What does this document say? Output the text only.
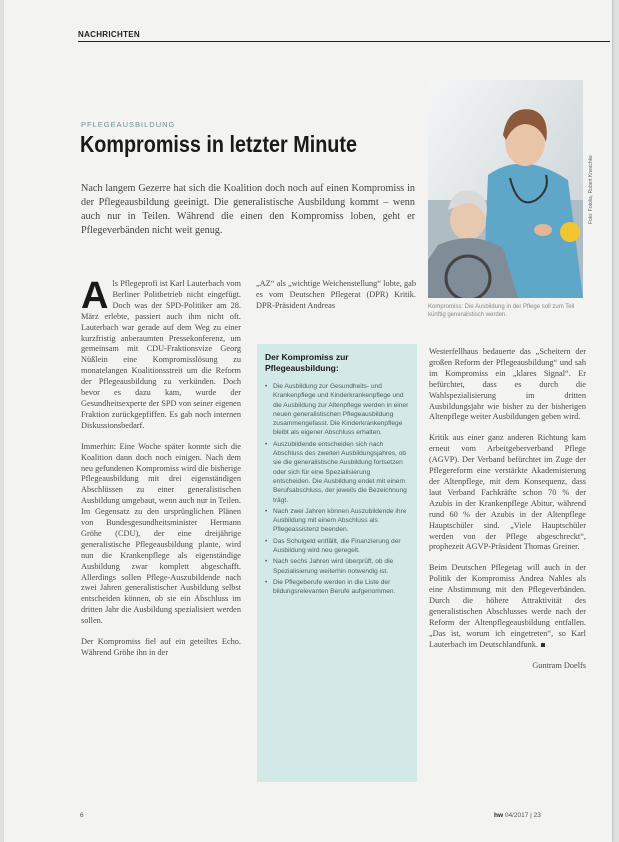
NACHRICHTEN
PFLEGEAUSBILDUNG
Kompromiss in letzter Minute
Nach langem Gezerre hat sich die Koalition doch noch auf einen Kompromiss in der Pflegeausbildung geeinigt. Die generalistische Ausbildung kommt – wenn auch nur in Teilen. Während die einen den Kompromiss loben, geht er Pflegeverbänden nicht weit genug.
Foto: Fotolia, Robert Kneschke
Kompromiss: Die Ausbildung in der Pflege soll zum Teil künftig generalistisch werden.

Als Pflegeprofi ist Karl Lauterbach vom Berliner Politbetrieb nicht eingefügt. Doch was der SPD-Politiker am 28. März erlebte, passiert auch ihm nicht oft. Lauterbach war gerade auf dem Weg zu einer kurzfristig anberaumten Pressekonferenz, um gemeinsam mit CDU-Fraktionsvize Georg Nüßlein eine Kompromisslösung zu monatelangen Koalitionsstreit um die Reform der Pflegeausbildung zu verkünden. Doch bevor es dazu kam, wurde der Gesundheitsexperte der SPD von seiner eigenen Fraktion zurückgepfiffen. Es gab noch internen Diskussionsbedarf.

Immerhin: Eine Woche später konnte sich die Koalition dann doch noch einigen. Nach dem neu gefundenen Kompromiss wird die bisherige Pflegeausbildung mit drei eigenständigen Abschlüssen zu einer generalistischen Ausbildung umgebaut, wenn auch nur in Teilen. Im Gegensatz zu den ursprünglichen Plänen von Bundesgesundheitsminister Hermann Gröhe (CDU), der eine dreijährige generalistische Pflegeausbildung plante, wird nun die Krankenpflege als eigenständige Ausbildung zwar komplett abgeschafft. Allerdings sollen Pflege-Auszubildende nach zwei Jahren generalistischer Ausbildung selbst entscheiden können, ob sie ein Abschluss im dritten Jahr die Ausbildung spezialisiert werden sollen.

Der Kompromiss fiel auf ein geteiltes Echo. Während Gröhe ihn in der

„AZ“ als „wichtige Weichenstellung“ lobte, gab es vom Deutschen Pflegerat (DPR) Kritik. DPR-Präsident Andreas

Der Kompromiss zur Pflegeausbildung:
• Die Ausbildung zur Gesundheits- und Krankenpflege und Kinderkrankenpflege und die Ausbildung zur Altenpflege werden in einer neuen generalistischen Pflegeausbildung zusammengefasst. Die Kinderkrankenpflege bleibt als eigener Abschluss erhalten.
• Auszubildende entscheiden sich nach Abschluss des zweiten Ausbildungsjahres, ob sie die generalistische Ausbildung fortsetzen oder sich für eine Spezialisierung entscheiden. Die Ausbildung endet mit einem Berufsabschluss, der jeweils die Bezeichnung trägt.
• Nach zwei Jahren können Auszubildende ihre Ausbildung mit einem Abschluss als Pflegeassistenz beenden.
• Das Schulgeld entfällt, die Finanzierung der Ausbildung wird neu geregelt.
• Nach sechs Jahren wird überprüft, ob die Spezialisierung weiterhin notwendig ist.
• Die Pflegeberufe werden in die Liste der bildungsrelevanten Berufe aufgenommen.

Westerfellhaus bedauerte das „Scheitern der großen Reform der Pflegeausbildung“ und sah im Kompromiss ein „klares Signal“. Er befürchtet, dass es durch die Wahlspezialisierung im dritten Ausbildungsjahr wie bisher zu der bisherigen Altenpflege weiter Ausbildungen geben wird.

Kritik aus einer ganz anderen Richtung kam erneut vom Arbeitgeberverband Pflege (AGVP). Der Verband befürchtet im Zuge der Pflegereform eine verstärkte Akademisierung der Altenpflege, mit dem Konsequenz, dass laut Verband Fachkräfte schon 70 % der Azubis in der Krankenpflege Abitur, während rund 60 % der Azubis in der Altenpflege Hauptschüler sind. „Viele Hauptschüler werden von der Pflege abgeschreckt“, prophezeit AGVP-Präsident Thomas Greiner.

Beim Deutschen Pflegetag will auch in der Politik der Kompromiss Andrea Nahles als eine Abstimmung mit den Pflegeverbänden. Durch die höhere Attraktivität des generalistischen Abschlusses werde nach der Reform der Altenpflegeausbildung entfallen. „Das ist, worum ich eingetreten“, so Karl Lauterbach im Deutschlandfunk.

Guntram Doelfs
6	hw 04/2017 | 23
